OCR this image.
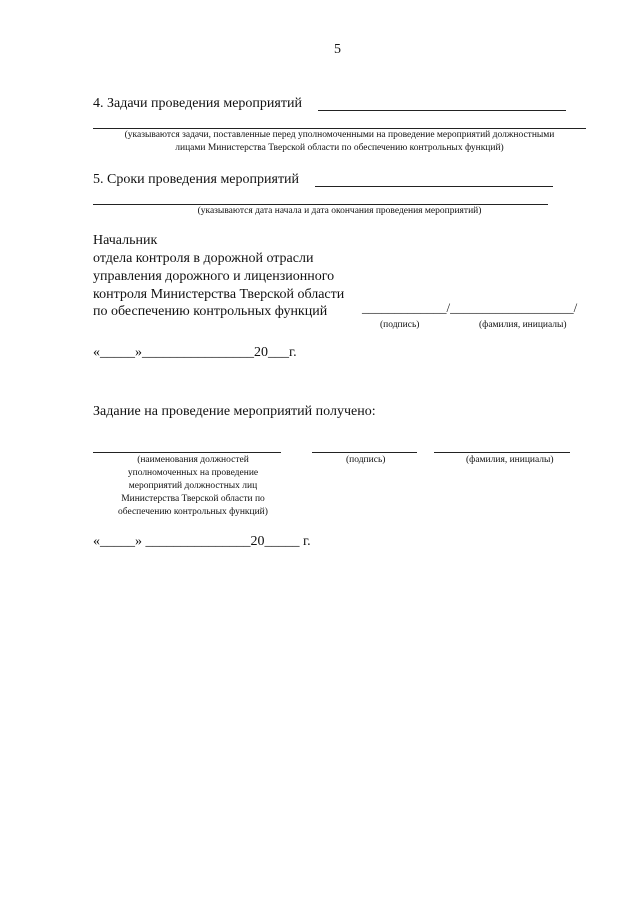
5
4. Задачи проведения мероприятий
(указываются задачи, поставленные перед уполномоченными на проведение мероприятий должностными
лицами Министерства Тверской области по обеспечению контрольных функций)
5. Сроки проведения мероприятий
(указываются дата начала и дата окончания проведения мероприятий)
Начальник
отдела контроля в дорожной отрасли
управления дорожного и лицензионного
контроля Министерства Тверской области
по обеспечению контрольных функций	_____________/___________________/
(подпись)	(фамилия, инициалы)
«_____»________________20___г.
Задание на проведение мероприятий получено:
(наименования должностей
уполномоченных на проведение
мероприятий должностных лиц
Министерства Тверской области по
обеспечению контрольных функций)
(подпись)	(фамилия, инициалы)
«_____» _______________20_____ г.
